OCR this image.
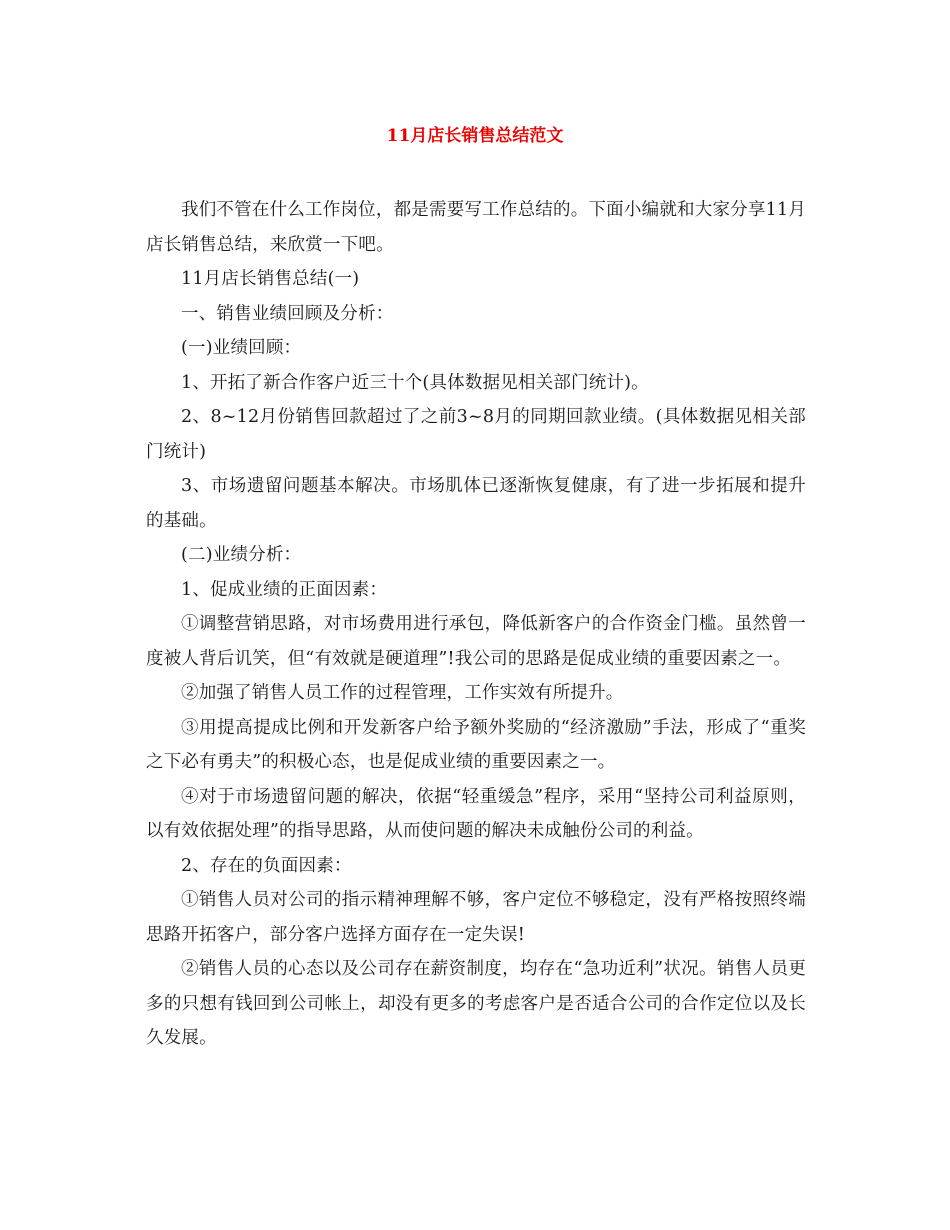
11月店长销售总结范文

我们不管在什么工作岗位，都是需要写工作总结的。下面小编就和大家分享11月店长销售总结，来欣赏一下吧。

11月店长销售总结(一)

一、销售业绩回顾及分析：

(一)业绩回顾：

1、开拓了新合作客户近三十个(具体数据见相关部门统计)。

2、8~12月份销售回款超过了之前3~8月的同期回款业绩。(具体数据见相关部门统计)

3、市场遗留问题基本解决。市场肌体已逐渐恢复健康，有了进一步拓展和提升的基础。

(二)业绩分析：

1、促成业绩的正面因素：

①调整营销思路，对市场费用进行承包，降低新客户的合作资金门槛。虽然曾一度被人背后讥笑，但“有效就是硬道理”!我公司的思路是促成业绩的重要因素之一。

②加强了销售人员工作的过程管理，工作实效有所提升。

③用提高提成比例和开发新客户给予额外奖励的“经济激励”手法，形成了“重奖之下必有勇夫”的积极心态，也是促成业绩的重要因素之一。

④对于市场遗留问题的解决，依据“轻重缓急”程序，采用“坚持公司利益原则，以有效依据处理”的指导思路，从而使问题的解决未成触份公司的利益。

2、存在的负面因素：

①销售人员对公司的指示精神理解不够，客户定位不够稳定，没有严格按照终端思路开拓客户，部分客户选择方面存在一定失误!

②销售人员的心态以及公司存在薪资制度，均存在“急功近利”状况。销售人员更多的只想有钱回到公司帐上，却没有更多的考虑客户是否适合公司的合作定位以及长久发展。
